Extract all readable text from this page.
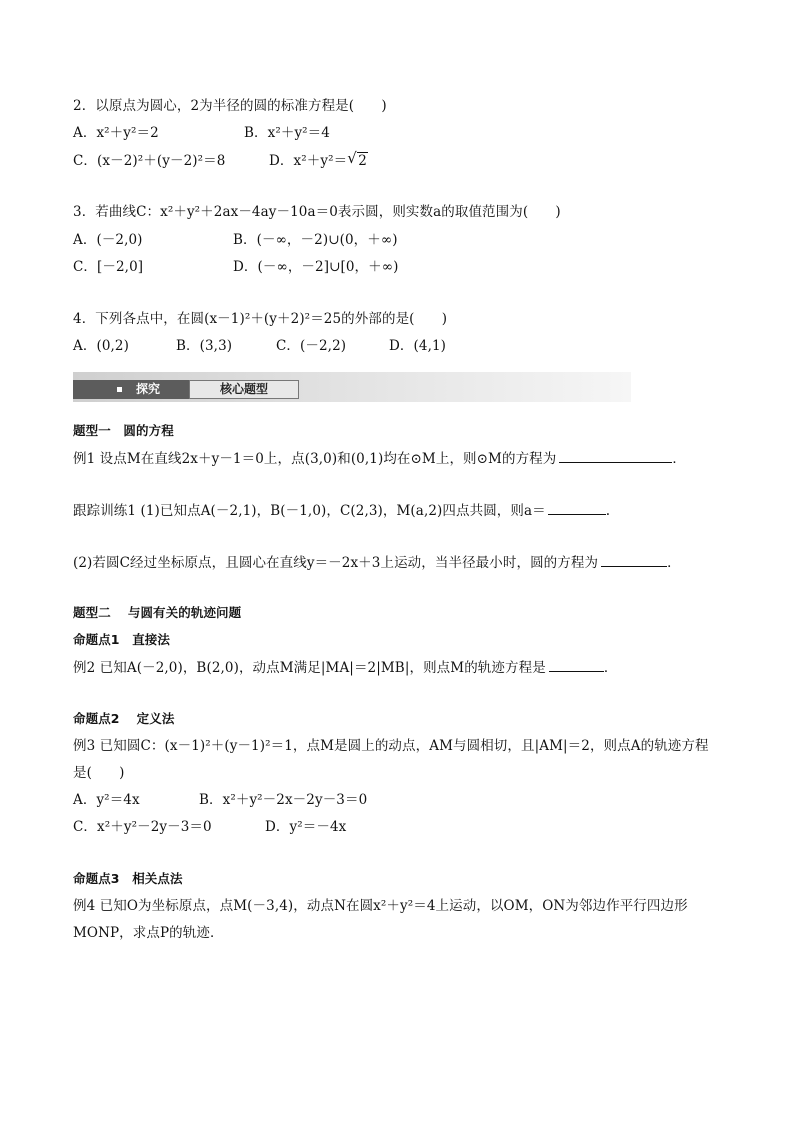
2．以原点为圆心，2为半径的圆的标准方程是(　　)
A．x²＋y²＝2	B．x²＋y²＝4
C．(x－2)²＋(y－2)²＝8	D．x²＋y²＝ √ 2
3．若曲线C：x²＋y²＋2ax－4ay－10a＝0表示圆，则实数a的取值范围为(　　)
A．(－2,0)	B．(－∞，－2)∪(0，＋∞)
C．[－2,0]	D．(－∞，－2]∪[0，＋∞)
4．下列各点中，在圆(x－1)²＋(y＋2)²＝25的外部的是(　　)
A．(0,2)	B．(3,3)	C．(－2,2)	D．(4,1)
探究	核心题型
题型一　圆的方程
例1 设点M在直线2x＋y－1＝0上，点(3,0)和(0,1)均在⊙M上，则⊙M的方程为	．
跟踪训练1 (1)已知点A(－2,1)，B(－1,0)，C(2,3)，M(a,2)四点共圆，则a＝	.
(2)若圆C经过坐标原点，且圆心在直线y＝－2x＋3上运动，当半径最小时，圆的方程为	．
题型二　 与圆有关的轨迹问题
命题点1　直接法
例2 已知A(－2,0)，B(2,0)，动点M满足|MA|＝2|MB|，则点M的轨迹方程是	．
命题点2　 定义法
例3 已知圆C：(x－1)²＋(y－1)²＝1，点M是圆上的动点，AM与圆相切，且|AM|＝2，则点A的轨迹方程
是(　　)
A．y²＝4x	B．x²＋y²－2x－2y－3＝0
C．x²＋y²－2y－3＝0	D．y²＝－4x
命题点3　相关点法
例4 已知O为坐标原点，点M(－3,4)，动点N在圆x²＋y²＝4上运动，以OM，ON为邻边作平行四边形
MONP，求点P的轨迹．
